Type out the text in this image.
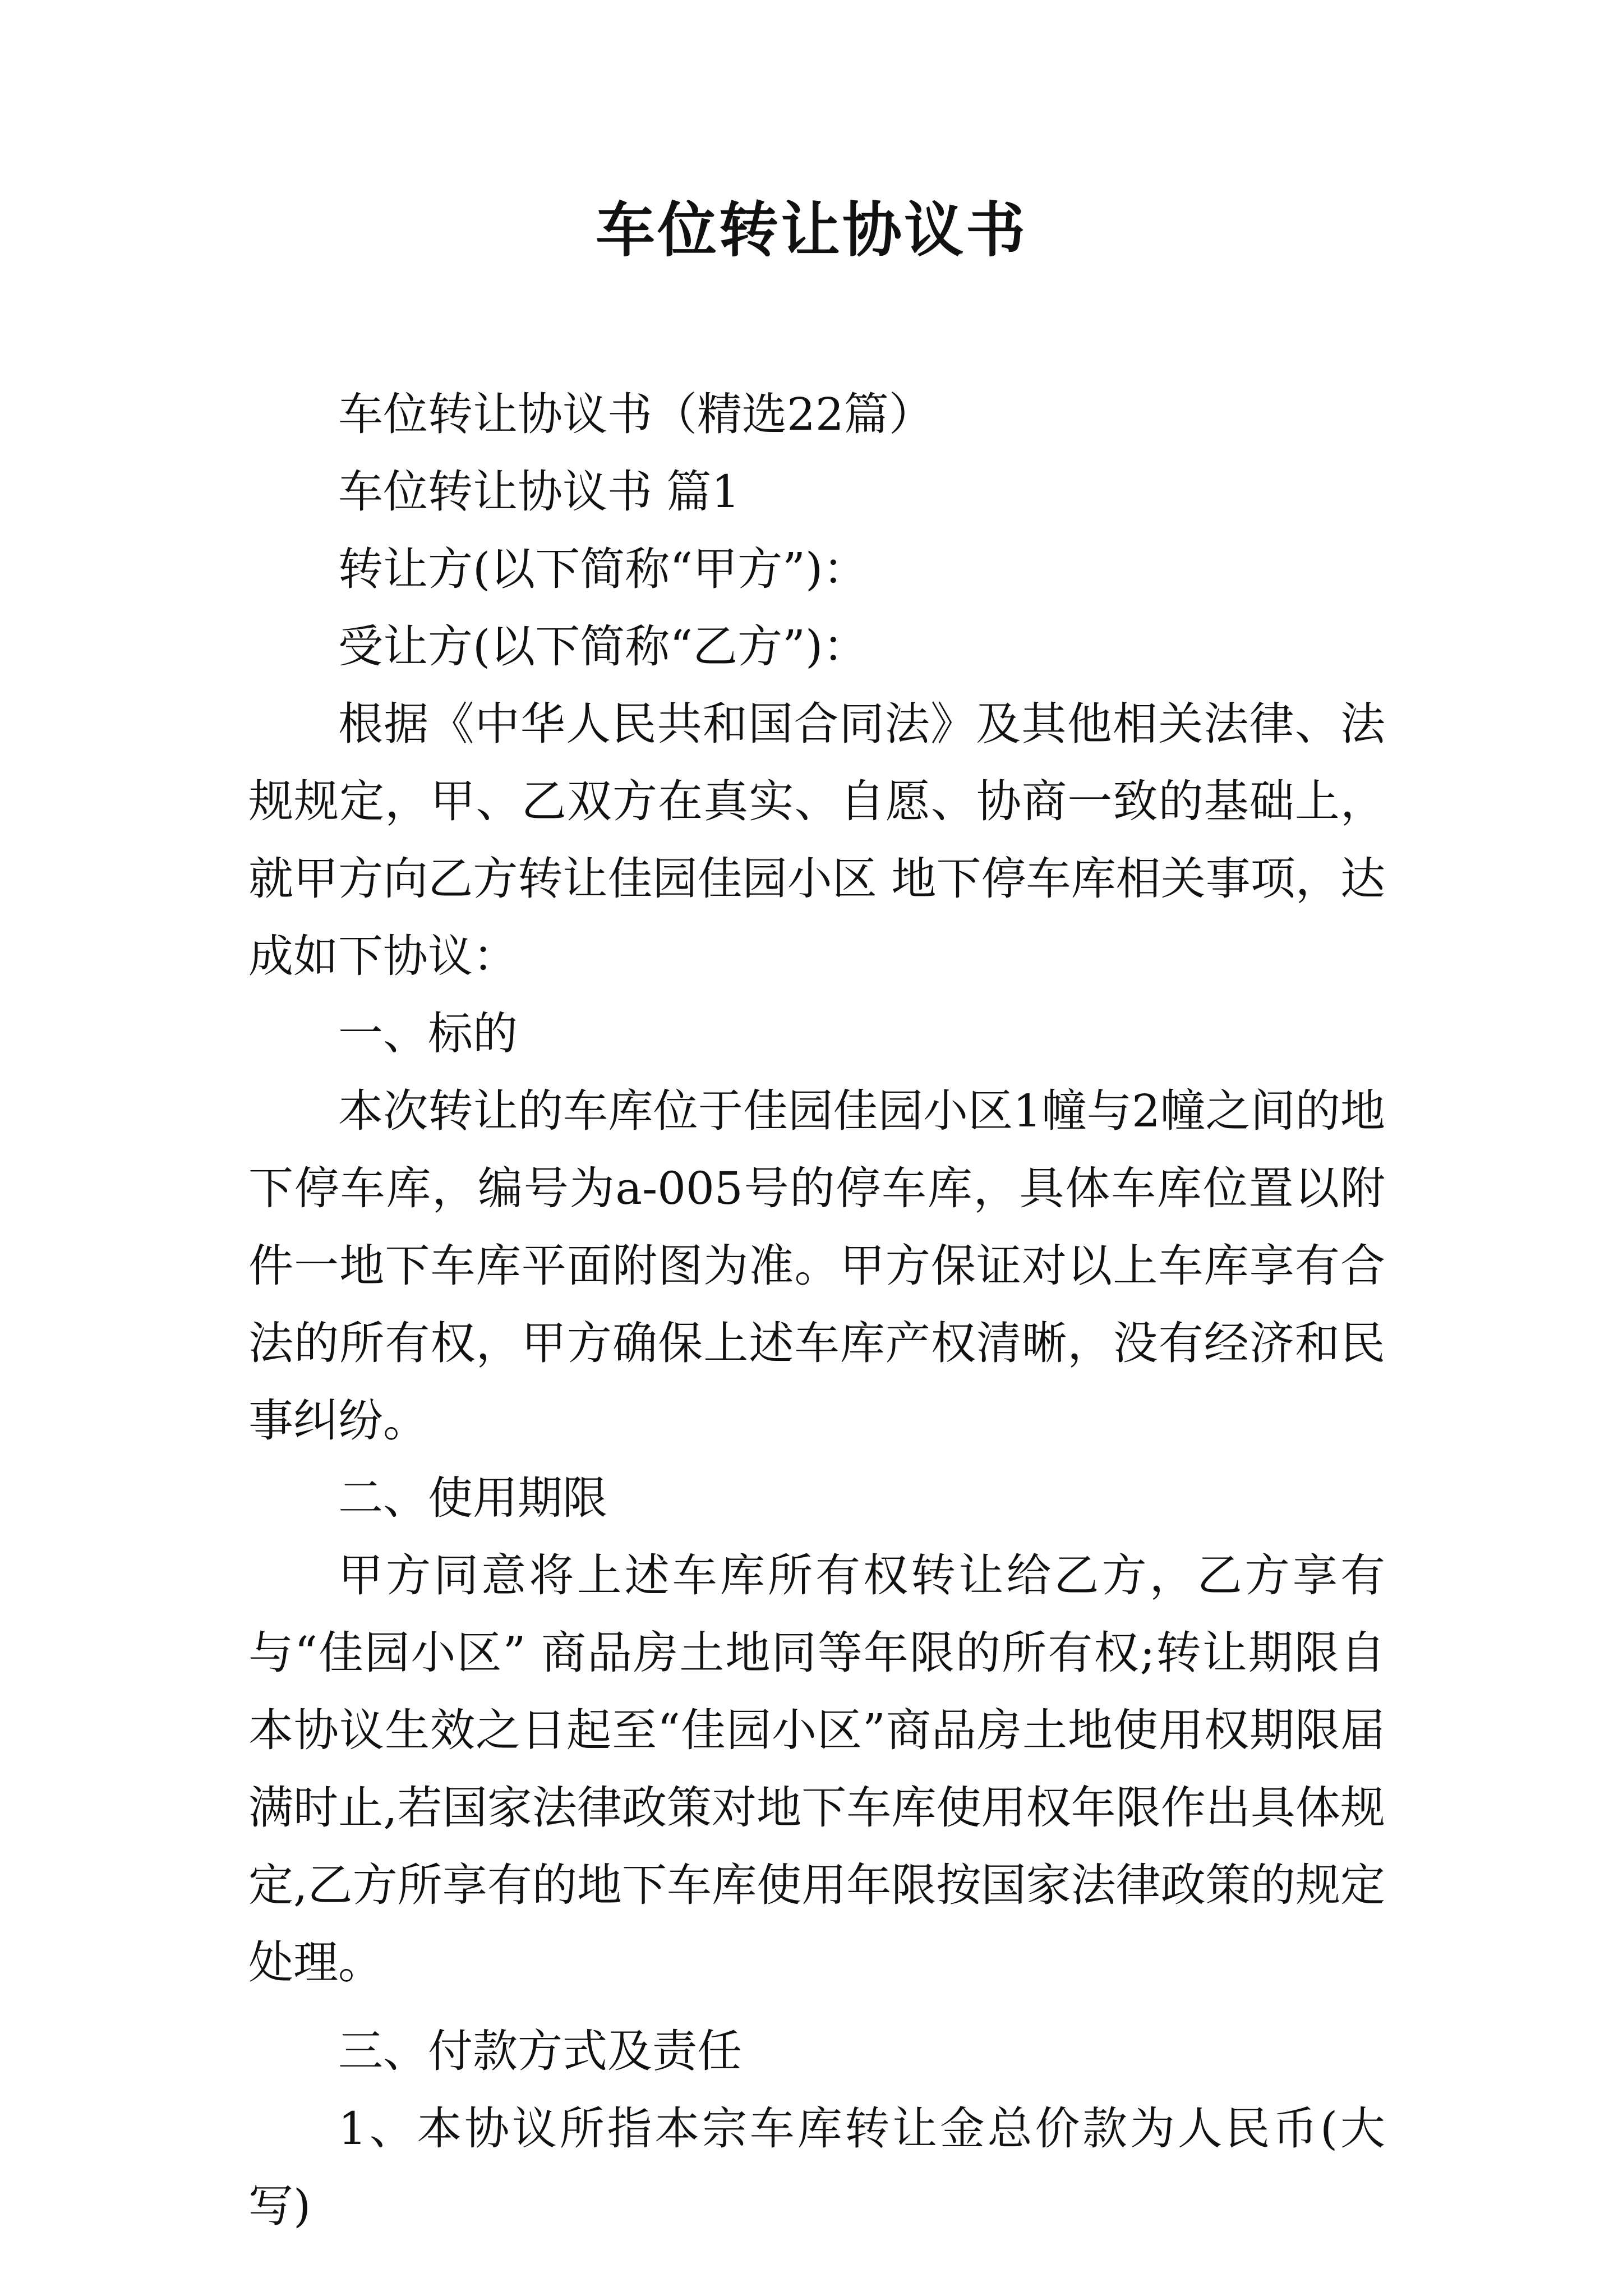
车位转让协议书

车位转让协议书（精选22篇）

车位转让协议书 篇1

转让方(以下简称“甲方”)：

受让方(以下简称“乙方”)：

根据《中华人民共和国合同法》及其他相关法律、法规规定，甲、乙双方在真实、自愿、协商一致的基础上，就甲方向乙方转让佳园佳园小区 地下停车库相关事项，达成如下协议：

一、标的

本次转让的车库位于佳园佳园小区1幢与2幢之间的地下停车库，编号为a-005号的停车库，具体车库位置以附件一地下车库平面附图为准。甲方保证对以上车库享有合法的所有权，甲方确保上述车库产权清晰，没有经济和民事纠纷。

二、使用期限

甲方同意将上述车库所有权转让给乙方，乙方享有与“佳园小区” 商品房土地同等年限的所有权;转让期限自本协议生效之日起至“佳园小区”商品房土地使用权期限届满时止,若国家法律政策对地下车库使用权年限作出具体规定,乙方所享有的地下车库使用年限按国家法律政策的规定处理。

三、付款方式及责任

1、本协议所指本宗车库转让金总价款为人民币(大写)
